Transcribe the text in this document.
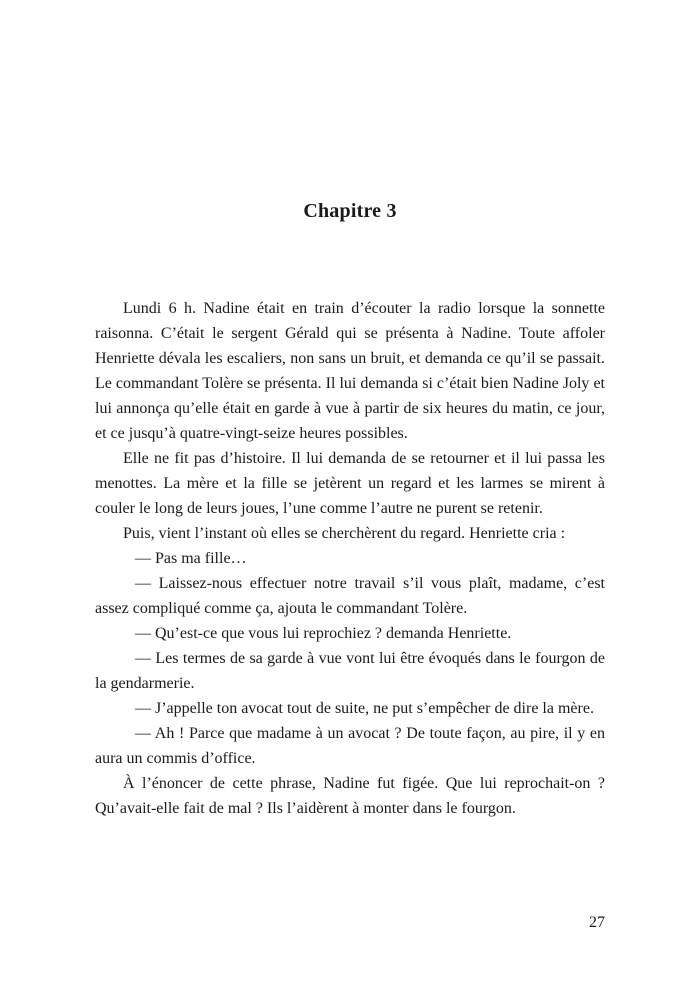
Chapitre 3

Lundi 6 h. Nadine était en train d’écouter la radio lorsque la sonnette raisonna. C’était le sergent Gérald qui se présenta à Nadine. Toute affoler Henriette dévala les escaliers, non sans un bruit, et demanda ce qu’il se passait. Le commandant Tolère se présenta. Il lui demanda si c’était bien Nadine Joly et lui annonça qu’elle était en garde à vue à partir de six heures du matin, ce jour, et ce jusqu’à quatre-vingt-seize heures possibles.

Elle ne fit pas d’histoire. Il lui demanda de se retourner et il lui passa les menottes. La mère et la fille se jetèrent un regard et les larmes se mirent à couler le long de leurs joues, l’une comme l’autre ne purent se retenir.

Puis, vient l’instant où elles se cherchèrent du regard. Henriette cria :

— Pas ma fille…

— Laissez-nous effectuer notre travail s’il vous plaît, madame, c’est assez compliqué comme ça, ajouta le commandant Tolère.

— Qu’est-ce que vous lui reprochiez ? demanda Henriette.

— Les termes de sa garde à vue vont lui être évoqués dans le fourgon de la gendarmerie.

— J’appelle ton avocat tout de suite, ne put s’empêcher de dire la mère.

— Ah ! Parce que madame à un avocat ? De toute façon, au pire, il y en aura un commis d’office.

À l’énoncer de cette phrase, Nadine fut figée. Que lui reprochait-on ? Qu’avait-elle fait de mal ? Ils l’aidèrent à monter dans le fourgon.

27
